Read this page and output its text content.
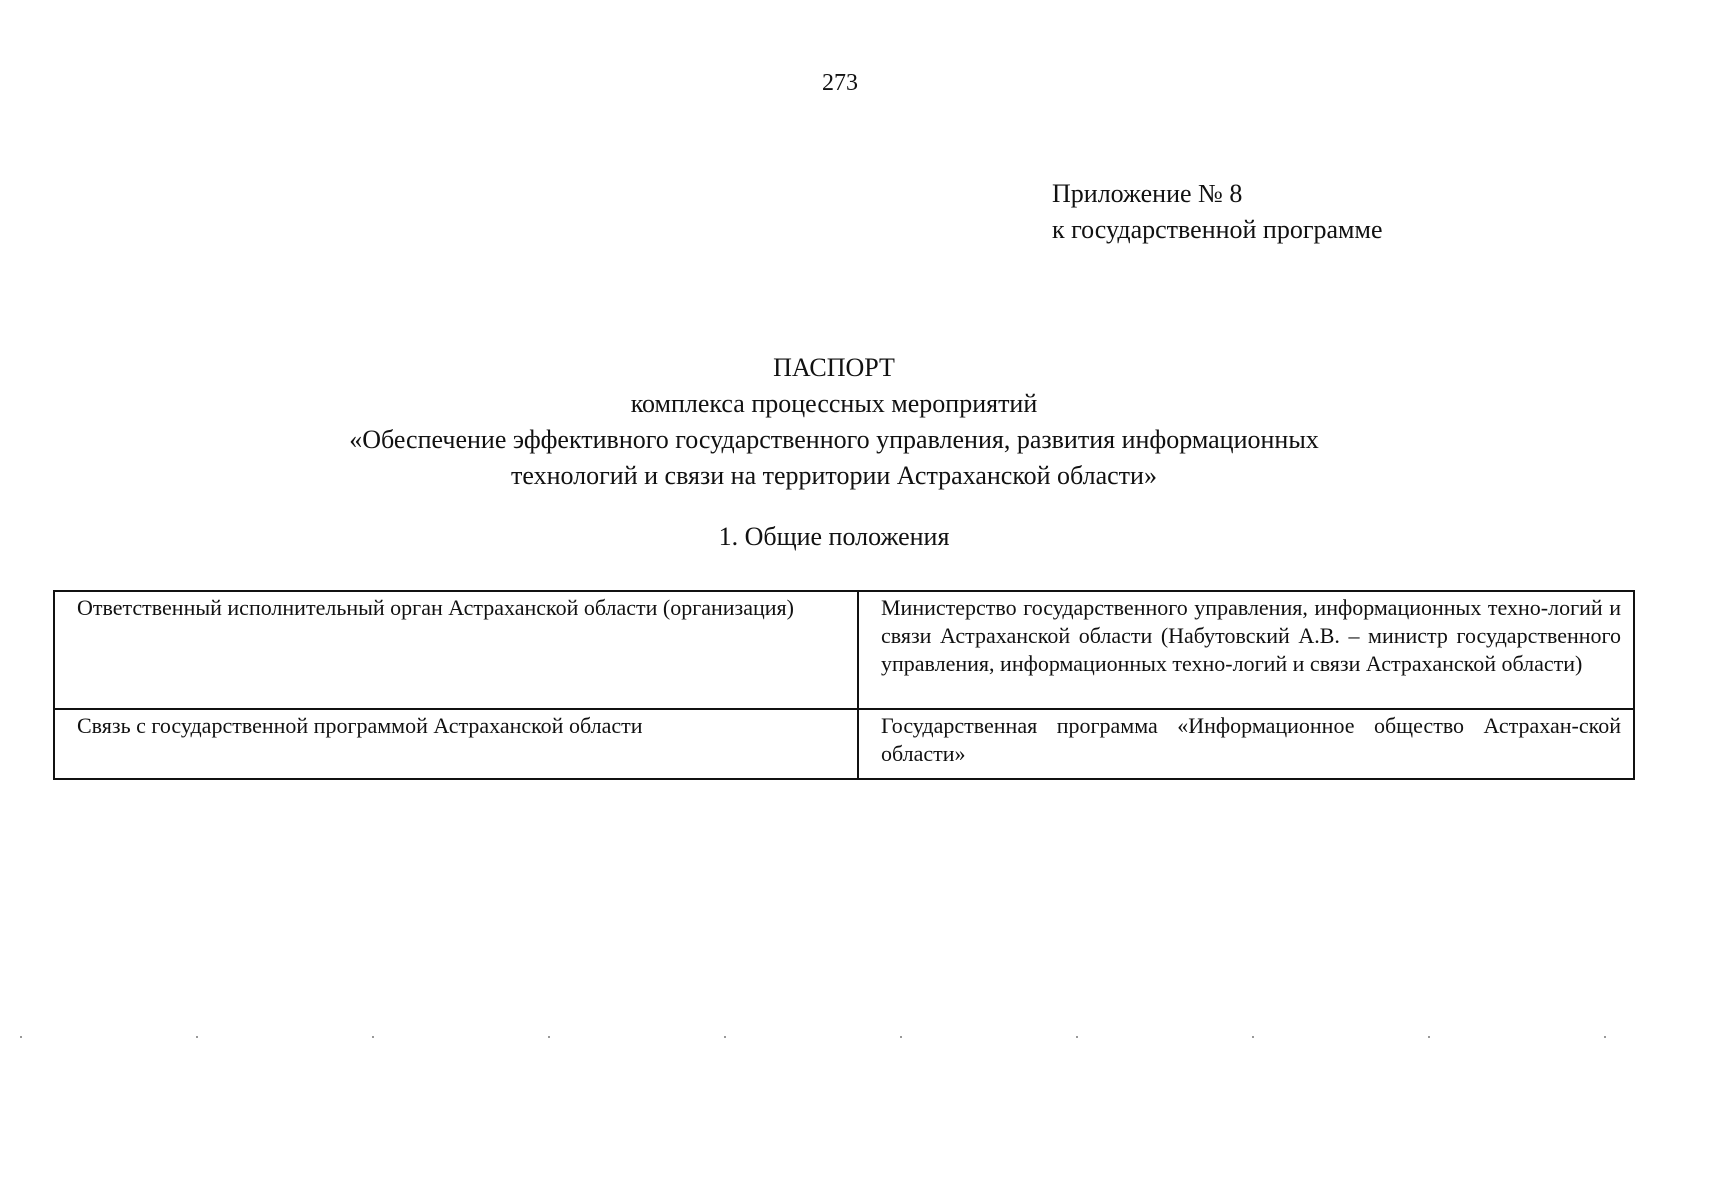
273
Приложение № 8
к государственной программе
ПАСПОРТ
комплекса процессных мероприятий
«Обеспечение эффективного государственного управления, развития информационных
технологий и связи на территории Астраханской области»
1. Общие положения
Ответственный исполнительный орган Астраханской области (организация)	Министерство государственного управления, информационных техно-логий и связи Астраханской области (Набутовский А.В. – министр государственного управления, информационных техно-логий и связи Астраханской области)
Связь с государственной программой Астраханской области	Государственная программа «Информационное общество Астрахан-ской области»
